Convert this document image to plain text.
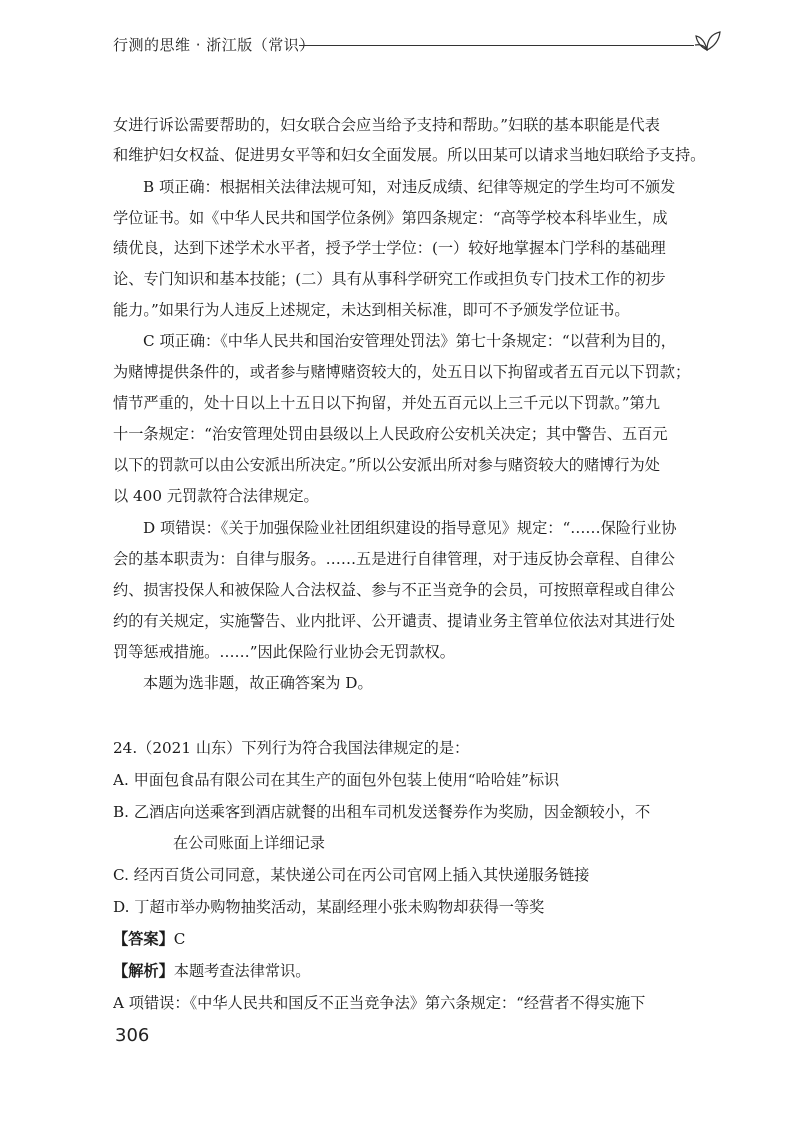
行测的思维 · 浙江版（常识）
女进行诉讼需要帮助的，妇女联合会应当给予支持和帮助。”妇联的基本职能是代表
和维护妇女权益、促进男女平等和妇女全面发展。所以田某可以请求当地妇联给予支持。
B 项正确：根据相关法律法规可知，对违反成绩、纪律等规定的学生均可不颁发
学位证书。如《中华人民共和国学位条例》第四条规定：“高等学校本科毕业生，成
绩优良，达到下述学术水平者，授予学士学位：(一）较好地掌握本门学科的基础理
论、专门知识和基本技能；(二）具有从事科学研究工作或担负专门技术工作的初步
能力。”如果行为人违反上述规定，未达到相关标准，即可不予颁发学位证书。
C 项正确：《中华人民共和国治安管理处罚法》第七十条规定：“以营利为目的，
为赌博提供条件的，或者参与赌博赌资较大的，处五日以下拘留或者五百元以下罚款；
情节严重的，处十日以上十五日以下拘留，并处五百元以上三千元以下罚款。”第九
十一条规定：“治安管理处罚由县级以上人民政府公安机关决定；其中警告、五百元
以下的罚款可以由公安派出所决定。”所以公安派出所对参与赌资较大的赌博行为处
以 400 元罚款符合法律规定。
D 项错误：《关于加强保险业社团组织建设的指导意见》规定：“……保险行业协
会的基本职责为：自律与服务。……五是进行自律管理，对于违反协会章程、自律公
约、损害投保人和被保险人合法权益、参与不正当竞争的会员，可按照章程或自律公
约的有关规定，实施警告、业内批评、公开谴责、提请业务主管单位依法对其进行处
罚等惩戒措施。……”因此保险行业协会无罚款权。
本题为选非题，故正确答案为 D。
24.（2021 山东）下列行为符合我国法律规定的是：
A. 甲面包食品有限公司在其生产的面包外包装上使用“哈哈娃”标识
B. 乙酒店向送乘客到酒店就餐的出租车司机发送餐券作为奖励，因金额较小，不
在公司账面上详细记录
C. 经丙百货公司同意，某快递公司在丙公司官网上插入其快递服务链接
D. 丁超市举办购物抽奖活动，某副经理小张未购物却获得一等奖
【答案】C
【解析】本题考查法律常识。
A 项错误：《中华人民共和国反不正当竞争法》第六条规定：“经营者不得实施下
306
